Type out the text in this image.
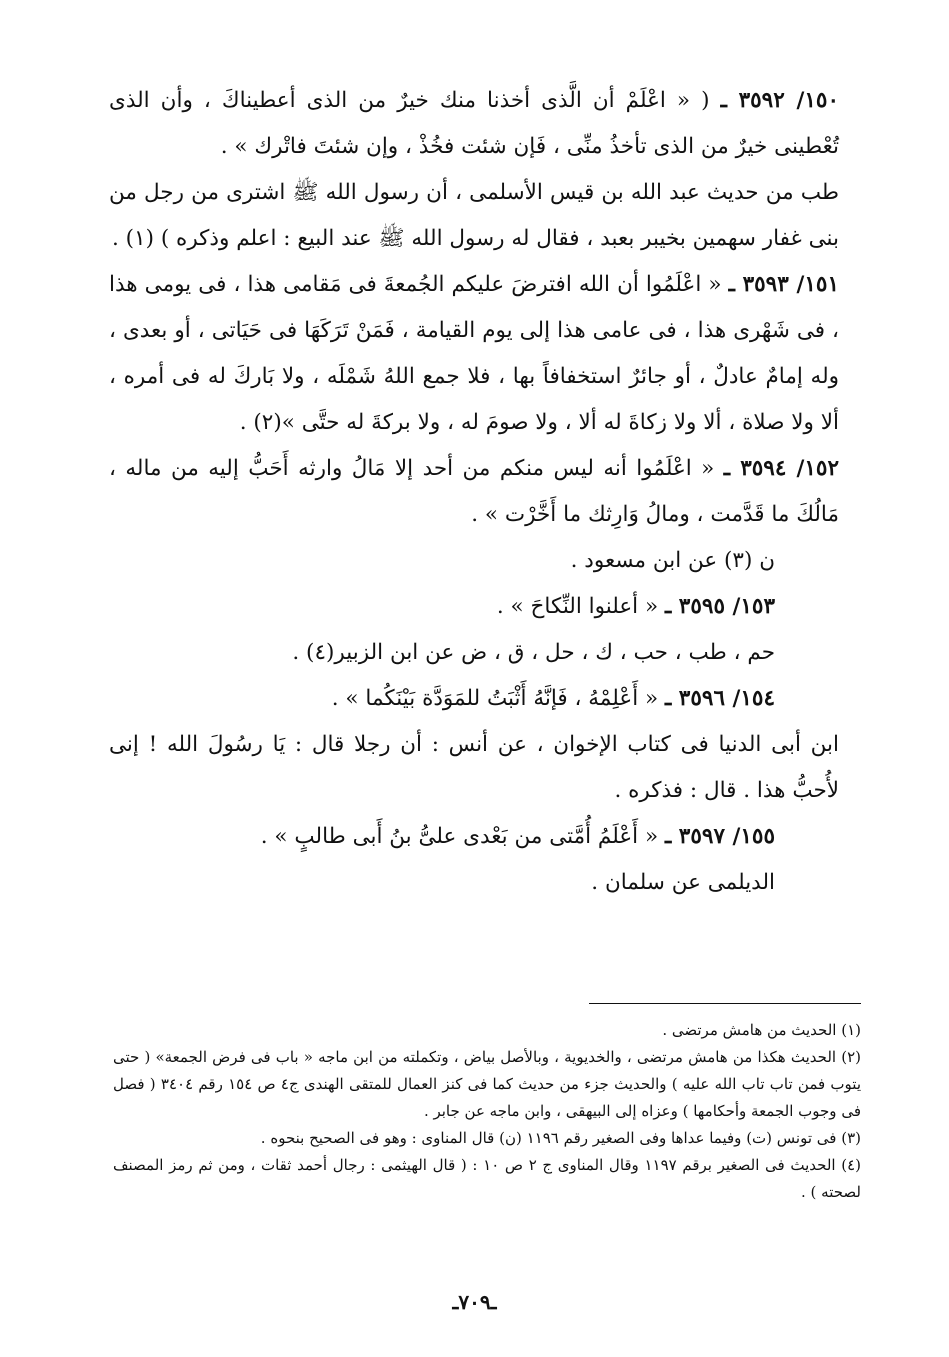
١٥٠/ ٣٥٩٢ ـ ( « اعْلَمْ أن الَّذى أخذنا منك خيرٌ من الذى أعطيناكَ ، وأن الذى تُعْطينى خيرٌ من الذى تأخذُ منِّى ، فَإن شئت فخُذْ ، وإن شئتَ فاتْرك » .

طب من حديث عبد الله بن قيس الأسلمى ، أن رسول الله ﷺ اشترى من رجل من بنى غفار سهمين بخيبر بعبد ، فقال له رسول الله ﷺ عند البيع : اعلم وذكره ) (١) .

١٥١/ ٣٥٩٣ ـ « اعْلَمُوا أن الله افترضَ عليكم الجُمعةَ فى مَقامى هذا ، فى يومى هذا ، فى شَهْرى هذا ، فى عامى هذا إلى يوم القيامة ، فَمَنْ تَرَكَهَا فى حَيَاتى ، أو بعدى ، وله إمامٌ عادلٌ ، أو جائرٌ استخفافاً بها ، فلا جمع اللهُ شَمْلَه ، ولا بَاركَ له فى أمره ، ألا ولا صلاة ، ألا ولا زكاةَ له ألا ، ولا صومَ له ، ولا بركةَ له حتَّى »(٢) .

١٥٢/ ٣٥٩٤ ـ « اعْلَمُوا أنه ليس منكم من أحد إلا مَالُ وارثه أَحَبُّ إليه من ماله ، مَالُكَ ما قَدَّمت ، ومالُ وَارِثك ما أَخَّرْت » .

ن (٣) عن ابن مسعود .

١٥٣/ ٣٥٩٥ ـ « أعلنوا النِّكاحَ » .

حم ، طب ، حب ، ك ، حل ، ق ، ض عن ابن الزبير(٤) .

١٥٤/ ٣٥٩٦ ـ « أَعْلِمْهُ ، فَإنَّهُ أَثْبَتُ للمَوَدَّة بَيْنَكُما » .

ابن أبى الدنيا فى كتاب الإخوان ، عن أنس : أن رجلا قال : يَا رسُولَ الله ! إنى لأُحبُّ هذا . قال : فذكره .

١٥٥/ ٣٥٩٧ ـ « أَعْلَمُ أُمَّتى من بَعْدى علىُّ بنُ أَبى طالبٍ » .

الديلمى عن سلمان .

(١) الحديث من هامش مرتضى .

(٢) الحديث هكذا من هامش مرتضى ، والخديوية ، وبالأصل بياض ، وتكملته من ابن ماجه « باب فى فرض الجمعة» ( حتى يتوب فمن تاب تاب الله عليه ) والحديث جزء من حديث كما فى كنز العمال للمتقى الهندى ج٤ ص ١٥٤ رقم ٣٤٠٤ ( فصل فى وجوب الجمعة وأحكامها ) وعزاه إلى البيهقى ، وابن ماجه عن جابر .

(٣) فى تونس (ت) وفيما عداها وفى الصغير رقم ١١٩٦ (ن) قال المناوى : وهو فى الصحيح بنحوه .

(٤) الحديث فى الصغير برقم ١١٩٧ وقال المناوى ج ٢ ص ١٠ : ( قال الهيثمى : رجال أحمد ثقات ، ومن ثم رمز المصنف لصحته ) .

ـ٧٠٩ـ
